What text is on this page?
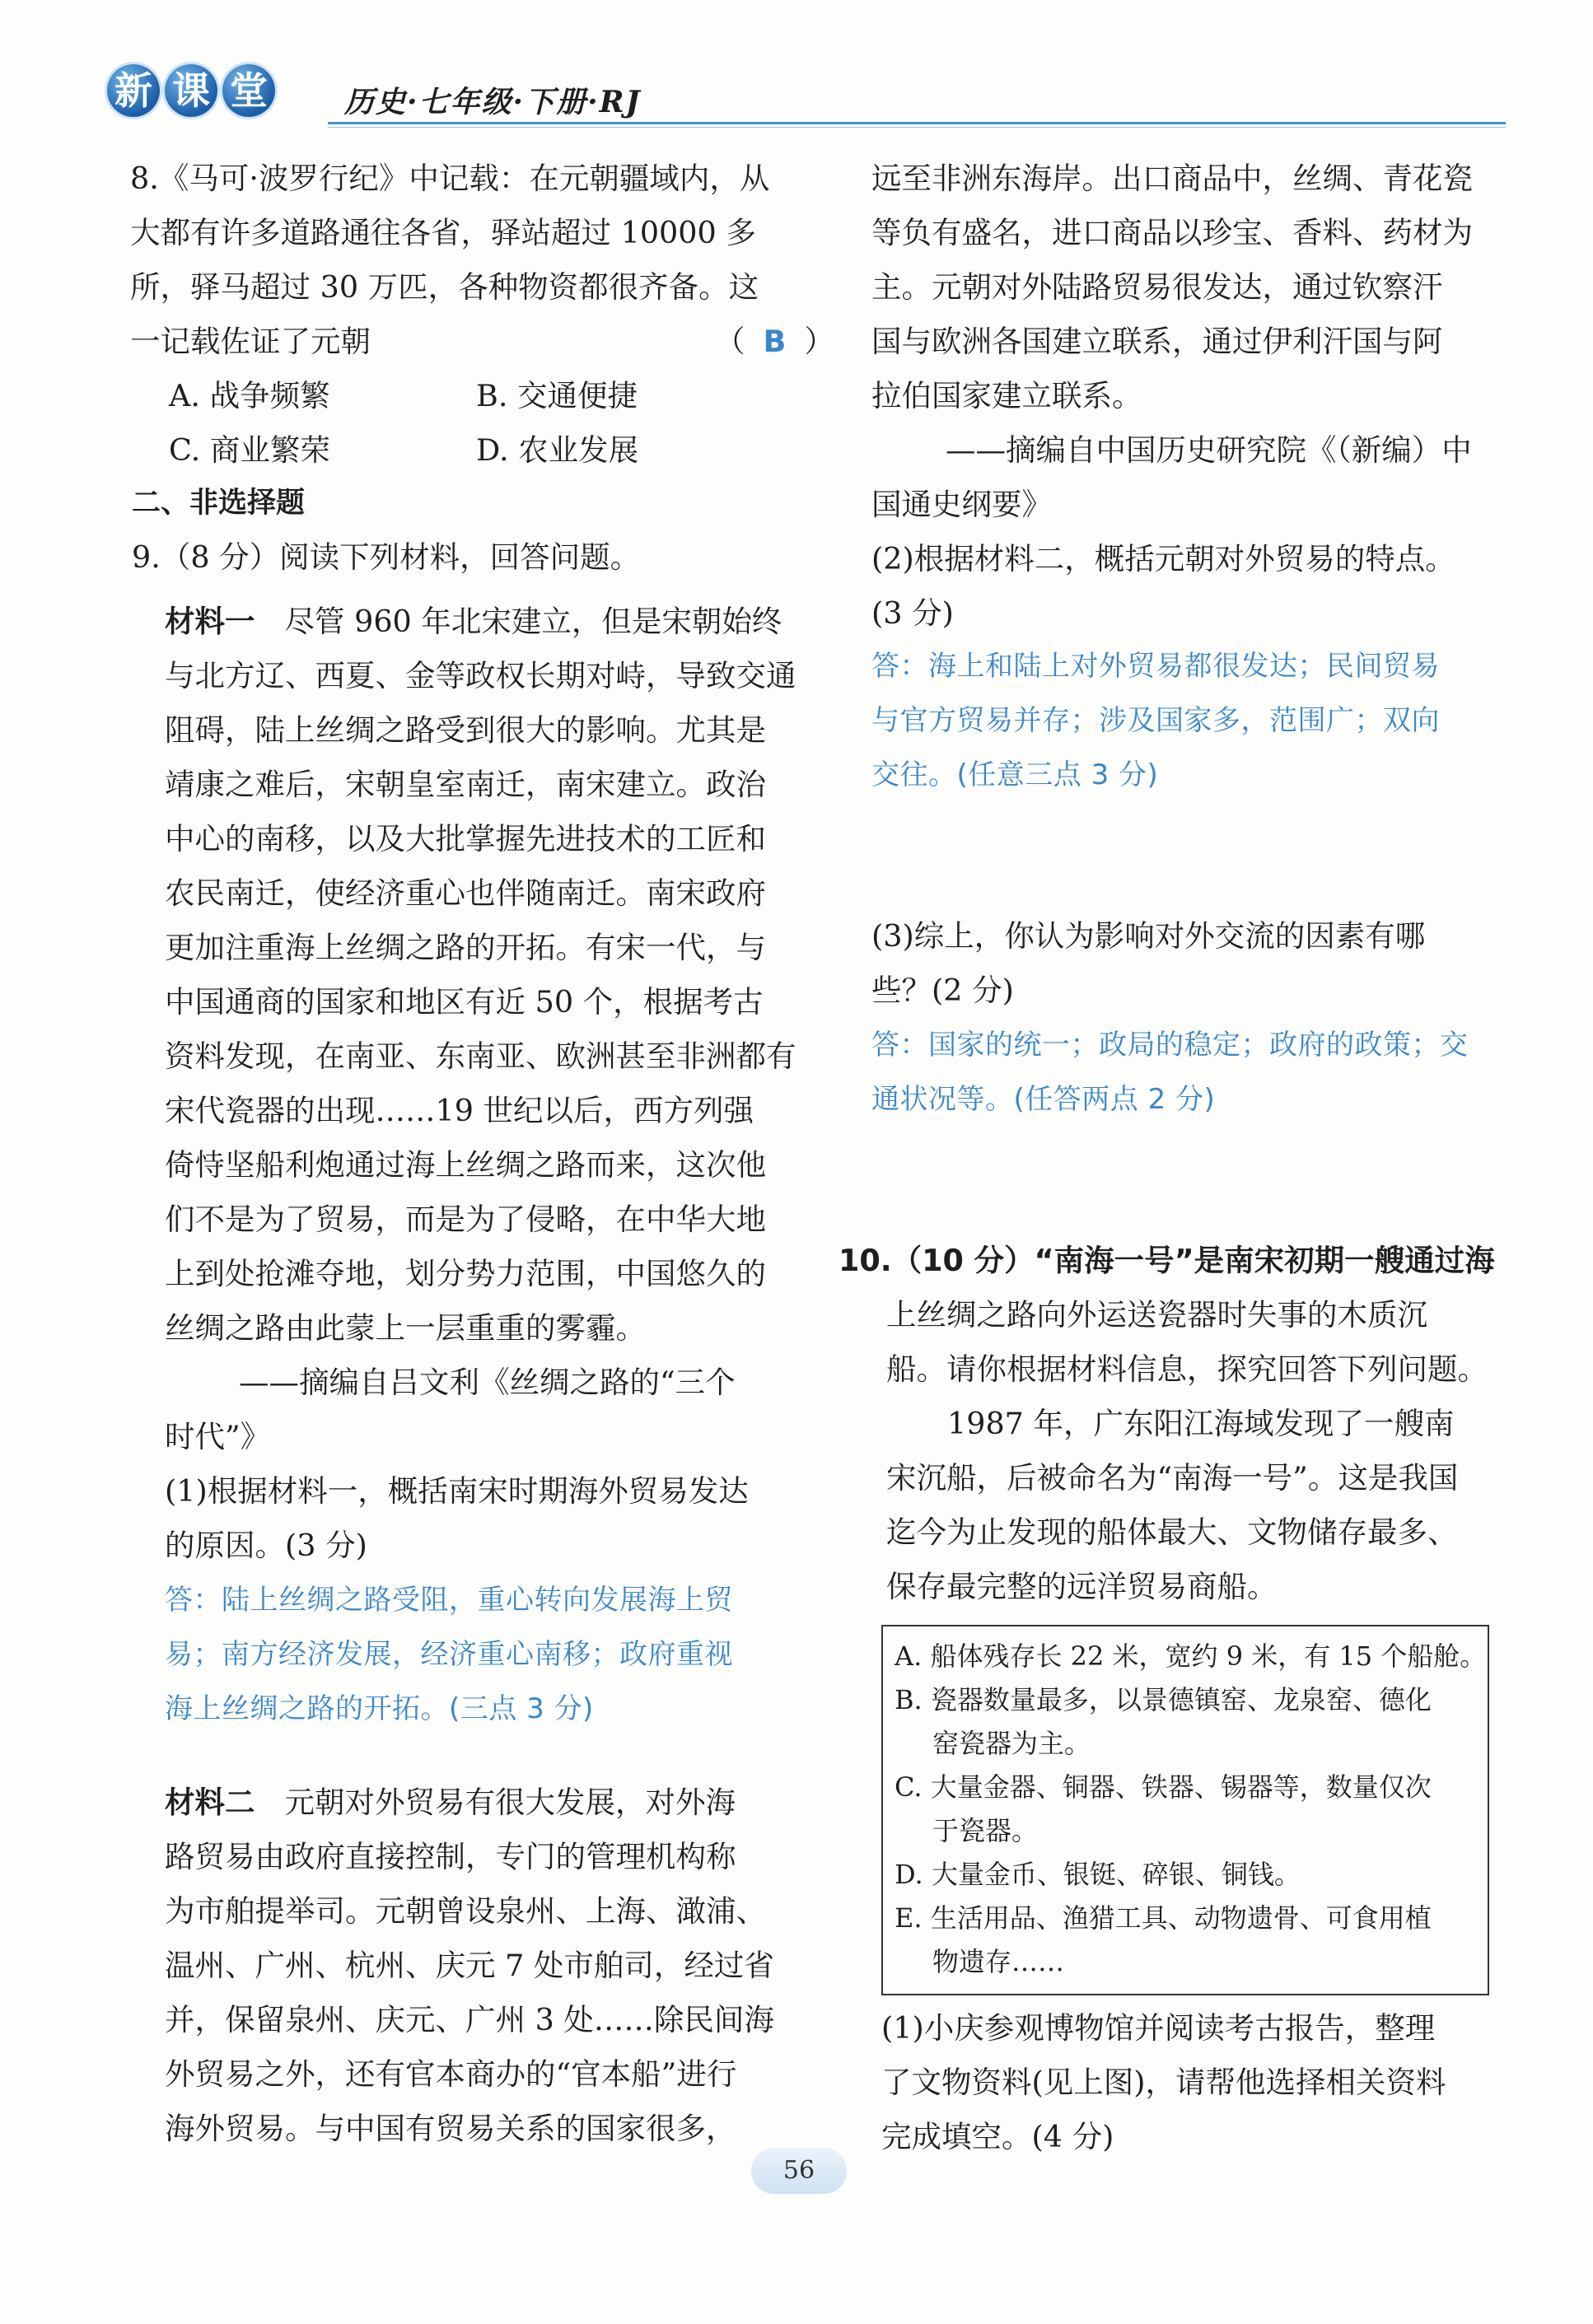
新 课 堂	历史·七年级·下册·RJ
8.《马可·波罗行纪》中记载：在元朝疆域内，从
大都有许多道路通往各省，驿站超过 10000 多
所，驿马超过 30 万匹，各种物资都很齐备。这
一记载佐证了元朝	（ B ）
A. 战争频繁	B. 交通便捷
C. 商业繁荣	D. 农业发展
二、非选择题
9.（8 分）阅读下列材料，回答问题。
材料一 尽管 960 年北宋建立，但是宋朝始终
与北方辽、西夏、金等政权长期对峙，导致交通
阻碍，陆上丝绸之路受到很大的影响。尤其是
靖康之难后，宋朝皇室南迁，南宋建立。政治
中心的南移，以及大批掌握先进技术的工匠和
农民南迁，使经济重心也伴随南迁。南宋政府
更加注重海上丝绸之路的开拓。有宋一代，与
中国通商的国家和地区有近 50 个，根据考古
资料发现，在南亚、东南亚、欧洲甚至非洲都有
宋代瓷器的出现……19 世纪以后，西方列强
倚恃坚船利炮通过海上丝绸之路而来，这次他
们不是为了贸易，而是为了侵略，在中华大地
上到处抢滩夺地，划分势力范围，中国悠久的
丝绸之路由此蒙上一层重重的雾霾。
——摘编自吕文利《丝绸之路的“三个
时代”》
(1)根据材料一，概括南宋时期海外贸易发达
的原因。(3 分)
答：陆上丝绸之路受阻，重心转向发展海上贸
易；南方经济发展，经济重心南移；政府重视
海上丝绸之路的开拓。(三点 3 分)
材料二 元朝对外贸易有很大发展，对外海
路贸易由政府直接控制，专门的管理机构称
为市舶提举司。元朝曾设泉州、上海、澉浦、
温州、广州、杭州、庆元 7 处市舶司，经过省
并，保留泉州、庆元、广州 3 处……除民间海
外贸易之外，还有官本商办的“官本船”进行
海外贸易。与中国有贸易关系的国家很多，
远至非洲东海岸。出口商品中，丝绸、青花瓷
等负有盛名，进口商品以珍宝、香料、药材为
主。元朝对外陆路贸易很发达，通过钦察汗
国与欧洲各国建立联系，通过伊利汗国与阿
拉伯国家建立联系。
——摘编自中国历史研究院《（新编）中
国通史纲要》
(2)根据材料二，概括元朝对外贸易的特点。
(3 分)
答：海上和陆上对外贸易都很发达；民间贸易
与官方贸易并存；涉及国家多，范围广；双向
交往。(任意三点 3 分)
(3)综上，你认为影响对外交流的因素有哪
些？(2 分)
答：国家的统一；政局的稳定；政府的政策；交
通状况等。(任答两点 2 分)
10.（10 分）“南海一号”是南宋初期一艘通过海
上丝绸之路向外运送瓷器时失事的木质沉
船。请你根据材料信息，探究回答下列问题。
1987 年，广东阳江海域发现了一艘南
宋沉船，后被命名为“南海一号”。这是我国
迄今为止发现的船体最大、文物储存最多、
保存最完整的远洋贸易商船。
A. 船体残存长 22 米，宽约 9 米，有 15 个船舱。
B. 瓷器数量最多，以景德镇窑、龙泉窑、德化
窑瓷器为主。
C. 大量金器、铜器、铁器、锡器等，数量仅次
于瓷器。
D. 大量金币、银铤、碎银、铜钱。
E. 生活用品、渔猎工具、动物遗骨、可食用植
物遗存……
(1)小庆参观博物馆并阅读考古报告，整理
了文物资料(见上图)，请帮他选择相关资料
完成填空。(4 分)
56
